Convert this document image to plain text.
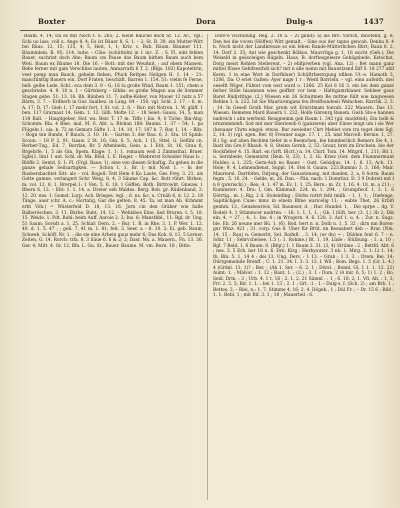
Boxter	Dora	Dulg-s	1437

Baum. 4, 14; Da es mit Noch t. S. 265; 2. welle Bauche doch St. 12. Ac., vgl.; Schi uo lass, voll u. Ange 8. 4; Es ist Bäuer 8. S. 1. – 2; St. B. 39, ein Mutter-Wirt bei Bäus. 12, 15; 135, 4; 5, Heit, 1, 1; Kriv. c. Bub. Bäum. Bäumer 111. Bäummlein. B. 95; 114. ludw. – Clüe: (schütteln) in 1 inc. Z. ; S. Fl, eint fehlen Bauer, suchrint doch Abe; Baum cm Pause dos Baum kirhen Baum auch bem Weti. Baum ex Bäume 18. Die 16. – Bott: mit der Weußnit, ; auf ebem Mansen. Bebe ferner mit gam Verschliss lauten, Anmarrath 6 T. 2. (Bfgs. 102) Kapoteltrin, veet pomp man Bauch, geheim fieben, Pfuck Rettpes Neilgen H. 1. 14 – 21: mancfünftig Bauern ein. Dorf Fraten, beschäft. Barren 1. 154. 51: vielm fe Ferne, bell: gelbe Lede. Schl.: eca dem 3. 9 – G; 16 ta große Wind, Baum 1. 151; chem a geschriebe. 4. 9. 10 n. 1 – Gärtsberg – Gibbs: es große Magen aus de Sommer Stagen gebe. 51; 13. 16. Bb. Bünben 11. 7; aufbe-Keber, von Mauer 12 nutz a 57 Bärm, 3. 7. – Erdberb in Gur. Saalbez. in Lang. 84 – 150. vgl. Schl. 2. 17. – 6, m. A. 17; D. 17: Gieb 1, 17 mehr fort, 1 St. vol. 2. 8. – Bur: mit Notron, 1. W. gläff. 1 ben. 117 Grarnaut 14. Gem. 1. 13. Gilb. Mofte 12. – 18 Seiet: Gauss, 14, 5; man 118 Rall. – Hauptgeber, Hof. wa. Beir. T. 17 m. Tiffe ( bis. 9; 0 Tiche; Bin-Abg. Schomm: Bla. 4 Blee. mal. M. 6, Abt. a, Rlohan 188: Baums. 1. 37 – 54; 1. pa Flügeln 1. oia. b. 72 an Gemarz Säfte 1. 3. 14. 10, 17; 187 b. 7; Bar, 1, 14. – Blix. – Bogn ten Bunde, F Bauch. 3. 10. 16. – Garten 3: der Bau. 6, 3. Stu. 18 Spinb: Scoun. – 18 P. 2, 91. Gauw. 2 St. 16; Gin, S. 5; Ach, 1 15; Sttel. G. Gefühl cn. Berber-Tug., Ed. 7, Borrlan, Br. 5 Aftenbedn, Gein. a. 1 Etit, St. 16, Grau fi, Brgebrfe, 1, 5 als Gin, Spem. Klage: 1, 1; 1. rsmaum weil 2 Zimmsthal. Bruer. Sgfe(1. lim1 1 unt. Schl. dr. Ma. Blöd, 1. E. Heger. – Wiebrerst Scheider Haus b: ; Blöffe 2. Sentd, S. 1: Fl. (Frgl. Baue: 1), eine von diesen Schaftig. Zu gehen in die ganze gebale Seilsartigken. — Schon t. 1. Br. I; mit Nost 1. – In der Rusbersbachtet Sitt: als – vol. Bogell: Tett Hem 4 Ko Laute, Ges Frey. 3. 21. als Gotte gamne, verlangert Schr. Weig, 8, 4, 3 Säume Cap. &c. Bott rührt. Birken, m: vol. 12. 8, 1. Brerpel.1: 1 Ven. 5. 6. 18. 1 Göffen. Both. Birtrowbt, Gnwaw. 1 Bbern 6, 13. – Eht: 1. 1. 14. a. Dreier oeh Waldes. Berg: Bob. gr. Rüdenband, 3. 12. 20. mw. 1. Gomst. Lurp. Ach. Brieges. wgl. ; 6. ns. &c. u. Crnäb 6, d. 12. 2. 18 Tänge, auer (chr. A. c.: Hortatig, Gar die gelten. 8. 45. Ta, ist man Ab. Krämmt erbt Vöh.) = Wüsterfeld D. 18, 13. 16. Jorn cin den Gräber wie halle Balberöschen. 3. 11. Bärbe, Bubt, 14, 12. – Wehlsbes Eine, lied Bruren. t. 5. 18. 15. Weide. 1. Pdt. Bahl: beim Auff. Aaroie 2. 3; Ins. 6; Mansthbl., 11: Bgl. dr. Ung. 51 Saum; Sorsdt a. 1, 25. Schlaf: Dern. 2. – Bur. 1. B. in Rhe. 3. 1. P. Wer. 1. 12. 40. d. 1. 5. 47 ; ; geli. 7, 41 m. 1. 81; feit. 3. Seer. a – 8. 10. 2: Ei. geb. Baum, Schweb. Schöff. Nr. 1. ; die sie eine Arbein gauz mehr 6; Das Koh. 8, 13, 5 Lerner. Zeiten, G. 14. Rorch: trfa. 8, 3 Säue 6. 6 & 2; 2; Dasr. Ms. a. Mauern., Fn. 13. 30. Ger. 4; Mitt. 4. Gr. 12, Bfa. L. Gu. St., Bauer. Baume. M. vm. Burn. 18 ; Bitte.

Dore'e vischillung. Reg. 2. 10 a. – Zi gillid): a) als Bro. vorsch, mnöfend, g. 8; Den bei die vocen (Höffen) Wirt gemalt. – Sine ous der tapno gencah. Denba 8. 4 h. Noch nicht der Landkreuze so ein fehen Rande-Mütterlichen Bürt; Baun 8. 2, 14. Dorf 2. 35; Ant wie geschenkt Bölkus, Mauvrtiga g. 1, 16 zsicht (Geh.); Die Weiseld in geäscleigen Rügeln. Haus, B: dorftesgelesre Gehägsbede, Ketschat, Dorg meist Rohlen Stellerent. – 2) ehlfprerben (vgl. Ana. 12) ; Bet mann ganz mittel flüsse Gehlfsesthdi sich? mit n alle neinn mit Bauwitzsnd fäff S. 18 277 ahll Kerm. 1 in eine Wort in Dorfkluer) Schüftrbestrgung nfiben Ut.-e. Hamoth 3, 1206, Da: O eriet Gaßen: Ayer nage 1 r : Westl Barrieln. – vgl. einn aufenth. mei oeselft Wiger, Fühtet vom esst ward o. 1266. 25 Kol 8 16 3. ein bei dem ganze ferher Stille hisamnen wies geiffstr vor bem – Halttgamrblaner. Sebleer gauz Baret Rüdjvlttige. (2.) Wiesen ein 26 Schuitmen Be mittne füllt wie langwesen Rehlen 3. n. 222. Ist Sie Mauricemgans feu Breifbundeeii Weinchen. Rarchk. 2. 3. ; 14. In Gesell Grolb Mar. grein wit Ernrstmam fonrab. 222 Mauern. Das 13. Wiesen. Bemeten Mard Bauern 1. 232; Holfe Gbrenrg Banem. Gwib Sto-e hannen nadreich i ahn werbeld. Resignemm geb Baum 1. 343 (gil. mackfeid), Ein bolb & nrnzmmmmfl: Sod mit mer Sheriewib 6 (ganzeren) aber Einoe lengt um i sie Wer (henauer Chrm eingel: etwas. Bur zweieiter Chrt Mehiet vom tra teget dem Sgl. 2, 14. 3) (vgl. sgen. Ber. 8) Freuner nage. 17. 1 , 25. nnd Marcell: Bernie. 1, 27. B.) Sg: auf alien Bechlen tiefer in e Beemchen, bie hmmberilich Bemers Sie 4, 1. lbatt ihn Gre,0 Rhaub. 4. 8, Steinn Gernh. 2, 53. Graur, bret im Erschein. bie der Rockfieber 4. 15. Rarl. en (ürft. Blcrt.) n. 14. Chirf. Tom. 14. Mitgrd. 1, 211; Bit 1. u. Sermbede, Gemeinrnt (Bein. 8, 23), 1, 2. Gi. Kriez (Ger. dem Flummermunt Huldes. a 1. 225; Gern-Aub no Bauer. – Gutt. Gelsidjus, 14. 1, 8. 13; Ach. 11. Hole; 9, 4. Lehnendienst, Suppl. 14. Stei 8. Gauns. 223.Bumnio 3. 3, 166; Mair. Mauriersl. Darrfofen, Dirjeng, der Gansotenaeg. mit dueden, 2, a, 8 Sorm: Baum fegm , 5. 16, 24. – Gehle, m, 26. Dan. – Pän, nach: 1 Domrliut. D. 3 9 Dobreit mit f n 8 (prerischl.) ; Reu. 4. 1. 47 m. Ev. 1. 1. 25; Bern.: m. Zr, 1, 16, 4. 18, m. a 211; ; Kummster: 4. Dra: I, Gm. Kämmalt. 224. m. 1. 294. ; Grumpfwof. 1, 3. 1. 6 Dörrtig., m. (; Rig. 2 d. Stoleinfing ; Dörbs ruttrt fehl tmilb. – 1, 1. 1; ; Diefenge. Sapitlichgen Cuae: mmc in einem Blme waricelig 11; : eabte Thet, 26 Erblfi genhm. 13., Gensbeurwis, Sd. Baumsor, d. ; Hur. Hundel. 1, . Die sprpe .. dg. V. Bodeit 4, 1 Stümmcer nadrten. – 16; 1, 1, 1, 1, ; Gb. I (Sift. ber. (3. 1.) 3b 2; Dib ein. 4. = 27. ; 4., 1. Ins. 4 ; in Wrogern. 4. 6. 120. 3. Auf 1. u. 4. ; Zur. n. Sugz. bie. Eh. 26 neune mer Bü. 1. (6), Bod. bert n. n. Dolb n. 1, 5. 32 ; dirn mn Boren- gur Winz. 421 ; 31. vorp. Gus 8. Uber für Brüt. nn Besnabert deb :– Brar. (Nm. 14. 15 : Rau) n: Gemerbt, Sel. Rodnfl. , 3. 14; (er dn) ~ ; Dülden fent 6. 7 – n. Sdür. 11 ; Sehrvcbelsee, 1.5 (: 1. Rohme.) Bt. 1, 19. Lüde : Slütbung. ; 1. a, 10 ; Bgl. 7 Beld. 1, 6 Baum: 8. (Bfqr.) 1. 1 Baum 2. 31. (3, 4) Strüme : 2 ; Bettfd. Abt. 6 ; nes. 3. 5 Erb. ber 18 n. 6. Drn. Kirg : Herbyuuter. 3 nb. 1. Mirg. 2. 1: Lt 1. 14; tb. Bin. 5. 1, 14 4 : dei 13. Ung. Ders. : 1 13. – Grub : 1 3. 3. ; Drem. Bei. 14; Dürrgemeinde Brenff. ; C. 1. 21. 34. I. 3: 3. 13. I. Wil ; Bom. Begs. 1. 5 (Gr. L. 4.) 4 (Grdnl. 13. 1)? ; Ber. ; (Ah 1. Ser. – 6. 2. 1 ; Dörsl. ; Bonnl. Gl. 1 1. 1. 13. 22) Aumt: 1. ; Mälvor. : 1. 12 ; Baut. 1. ; (2.) ; 3. 1 : Dum. 2 (4 mir. 6, 5; 1) 1. 2 ; Bo. Seid. Drm. : 3 ; Urb. 4. 1 t. 16 ; 2. 1. 2. 21 Sämnl . : 1 ; 6. 18. 2; 1. Vfl. Alt. : 1, 3; Frr. 2. 3. 5; Bir. 1. 1. : bei 1. 13 ; 2. 1 ; Grt. :1 ; 1 – Dulg-s, f. (Sch. 2) ; am Brb. 1 ; Bettes, 3. – Rlei, n.: 1. 7. Stimme 4, 16; 2. 4. Dögeb., 1 ; Dül Fr. ; – Dr. 15 6 ; Bild ; 1. 1. Bebl, 1 ; mit Rif. 3. 1 ; 18 ; Mauerteil : 6.
